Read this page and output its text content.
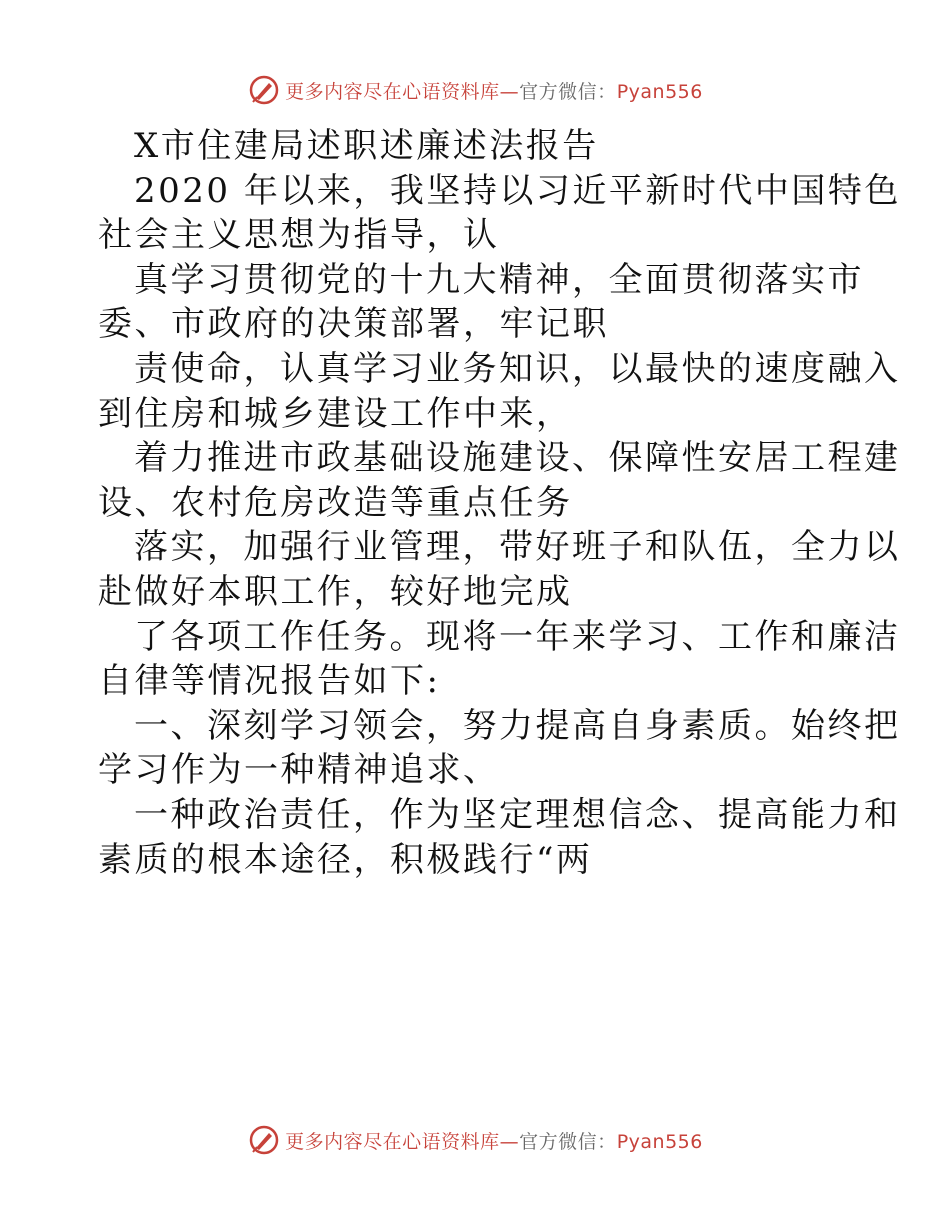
更多内容尽在心语资料库—官方微信：Pyan556

X市住建局述职述廉述法报告

2020 年以来，我坚持以习近平新时代中国特色

社会主义思想为指导，认

真学习贯彻党的十九大精神，全面贯彻落实市

委、市政府的决策部署，牢记职

责使命，认真学习业务知识，以最快的速度融入

到住房和城乡建设工作中来，

着力推进市政基础设施建设、保障性安居工程建

设、农村危房改造等重点任务

落实，加强行业管理，带好班子和队伍，全力以

赴做好本职工作，较好地完成

了各项工作任务。现将一年来学习、工作和廉洁

自律等情况报告如下:

一、深刻学习领会，努力提高自身素质。始终把

学习作为一种精神追求、

一种政治责任，作为坚定理想信念、提高能力和

素质的根本途径，积极践行“两

更多内容尽在心语资料库—官方微信：Pyan556
